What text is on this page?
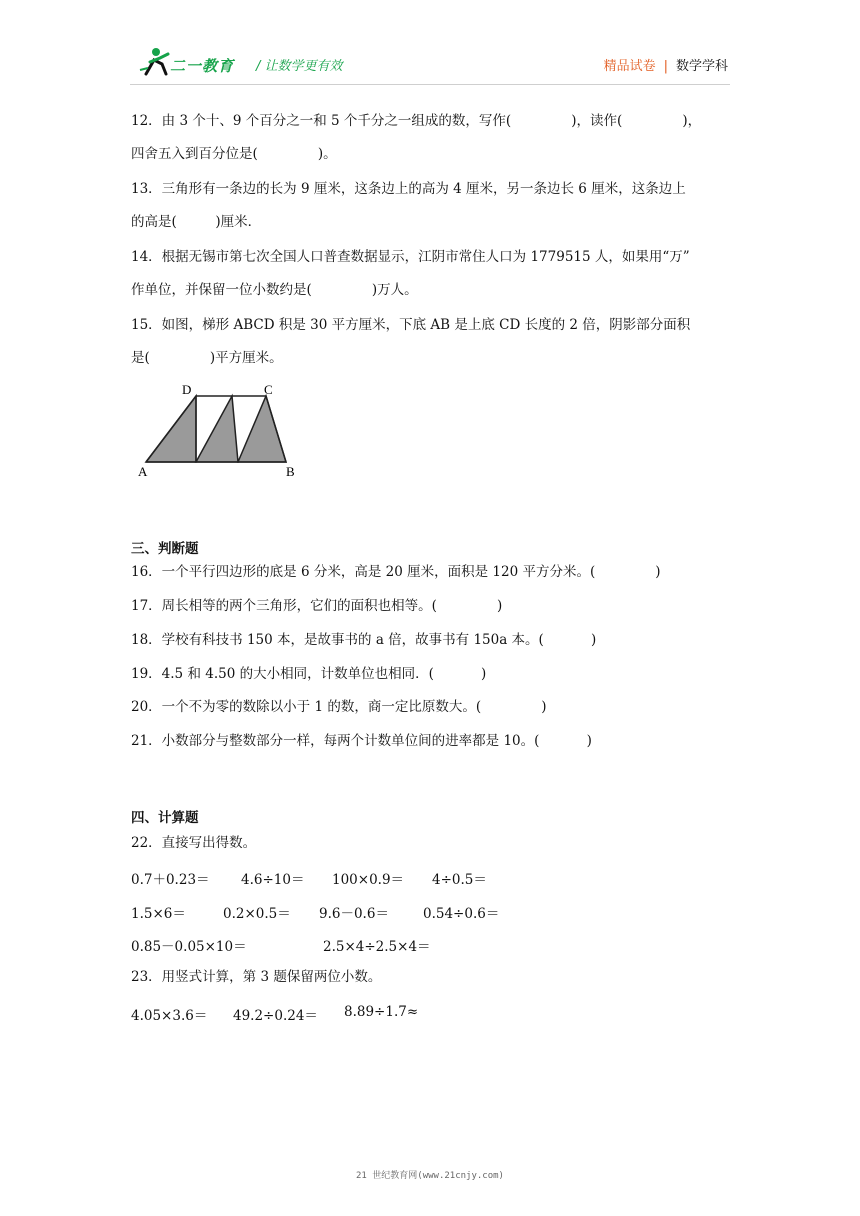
二一教育 / 让数学更有效	精品试卷 | 数学学科
12．由 3 个十、9 个百分之一和 5 个千分之一组成的数，写作(              )，读作(              )，
四舍五入到百分位是(              )。
13．三角形有一条边的长为 9 厘米，这条边上的高为 4 厘米，另一条边长 6 厘米，这条边上
的高是(         )厘米．
14．根据无锡市第七次全国人口普查数据显示，江阴市常住人口为 1779515 人，如果用“万”
作单位，并保留一位小数约是(              )万人。
15．如图，梯形 ABCD 积是 30 平方厘米，下底 AB 是上底 CD 长度的 2 倍，阴影部分面积
是(              )平方厘米。
D	C
A	B
三、判断题
16．一个平行四边形的底是 6 分米，高是 20 厘米，面积是 120 平方分米。(              )
17．周长相等的两个三角形，它们的面积也相等。(              )
18．学校有科技书 150 本，是故事书的 a 倍，故事书有 150a 本。(           )
19．4.5 和 4.50 的大小相同，计数单位也相同．(           )
20．一个不为零的数除以小于 1 的数，商一定比原数大。(              )
21．小数部分与整数部分一样，每两个计数单位间的进率都是 10。(           )
四、计算题
22．直接写出得数。
0.7＋0.23＝ 4.6÷10＝ 100×0.9＝ 4÷0.5＝
1.5×6＝	0.2×0.5＝ 9.6－0.6＝	0.54÷0.6＝
0.85－0.05×10＝	2.5×4÷2.5×4＝
23．用竖式计算，第 3 题保留两位小数。
4.05×3.6＝ 49.2÷0.24＝ 8.89÷1.7≈
21 世纪教育网(www.21cnjy.com)
